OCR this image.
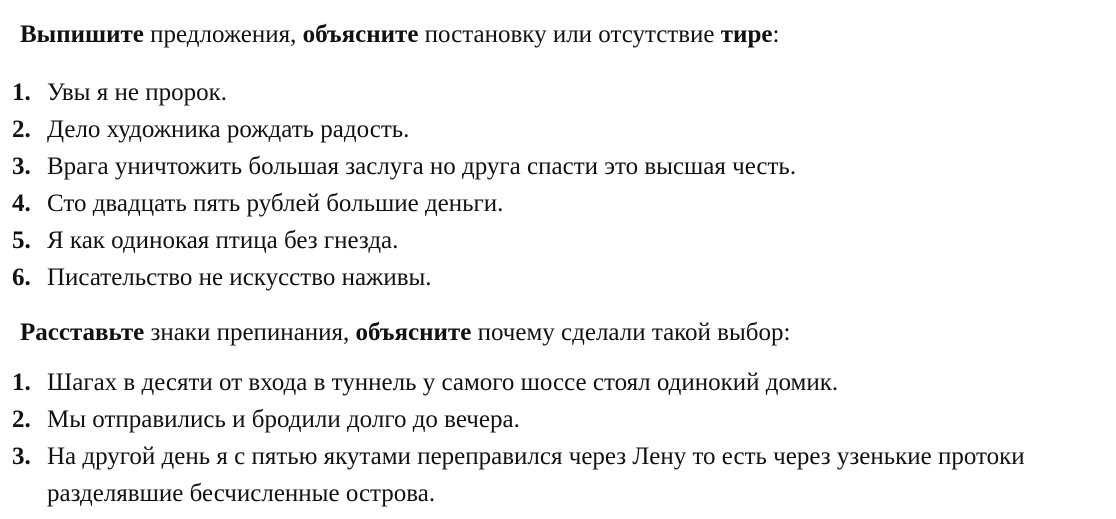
Выпишите предложения, объясните постановку или отсутствие тире:
1. Увы я не пророк.
2. Дело художника рождать радость.
3. Врага уничтожить большая заслуга но друга спасти это высшая честь.
4. Сто двадцать пять рублей большие деньги.
5. Я как одинокая птица без гнезда.
6. Писательство не искусство наживы.
Расставьте знаки препинания, объясните почему сделали такой выбор:
1. Шагах в десяти от входа в туннель у самого шоссе стоял одинокий домик.
2. Мы отправились и бродили долго до вечера.
3. На другой день я с пятью якутами переправился через Лену то есть через узенькие протоки разделявшие бесчисленные острова.
